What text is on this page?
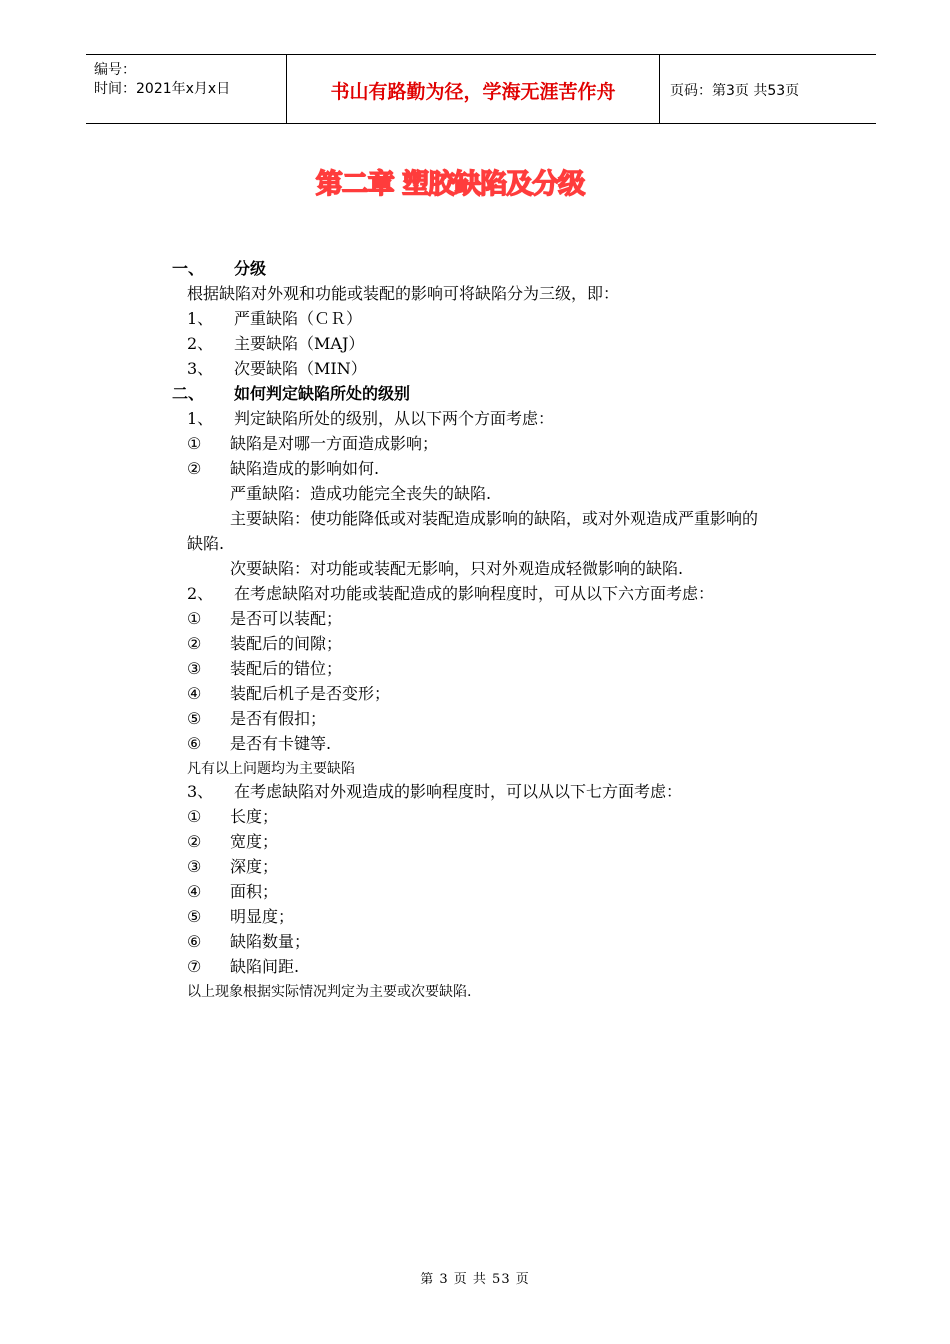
编号：
时间：2021年x月x日	书山有路勤为径，学海无涯苦作舟	页码：第3页 共53页
第二章 塑胶缺陷及分级
一、 分级
根据缺陷对外观和功能或装配的影响可将缺陷分为三级，即：
1、 严重缺陷（ＣＲ）
2、 主要缺陷（MAJ）
3、 次要缺陷（MIN）
二、 如何判定缺陷所处的级别
1、 判定缺陷所处的级别，从以下两个方面考虑：
① 缺陷是对哪一方面造成影响；
② 缺陷造成的影响如何.
严重缺陷：造成功能完全丧失的缺陷.
主要缺陷：使功能降低或对装配造成影响的缺陷，或对外观造成严重影响的
缺陷.
次要缺陷：对功能或装配无影响，只对外观造成轻微影响的缺陷.
2、 在考虑缺陷对功能或装配造成的影响程度时，可从以下六方面考虑：
① 是否可以装配；
② 装配后的间隙；
③ 装配后的错位；
④ 装配后机子是否变形；
⑤ 是否有假扣；
⑥ 是否有卡键等.
凡有以上问题均为主要缺陷
3、 在考虑缺陷对外观造成的影响程度时，可以从以下七方面考虑：
① 长度；
② 宽度；
③ 深度；
④ 面积；
⑤ 明显度；
⑥ 缺陷数量；
⑦ 缺陷间距.
以上现象根据实际情况判定为主要或次要缺陷.
第 3 页 共 53 页
